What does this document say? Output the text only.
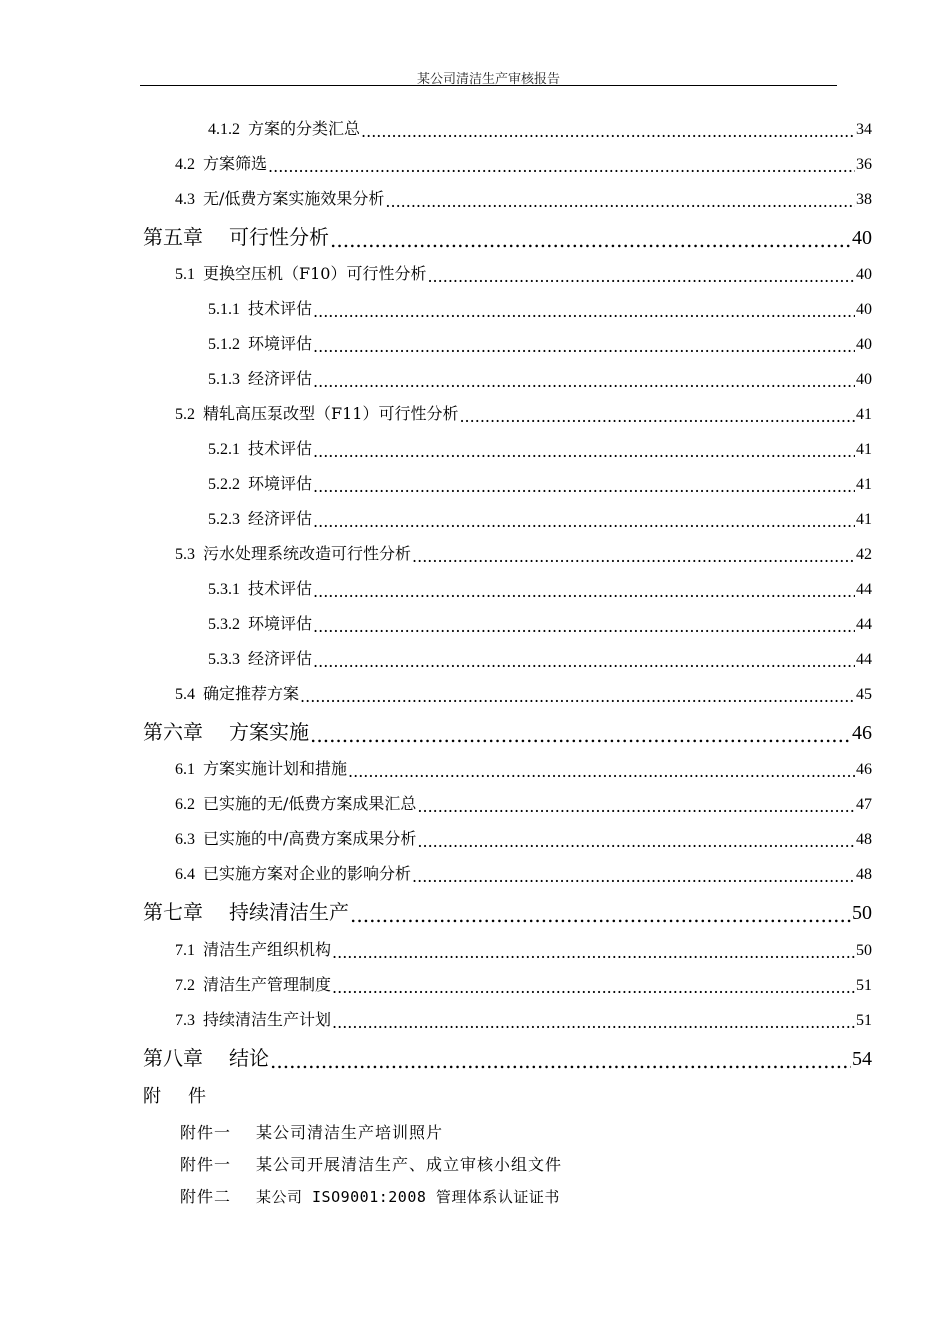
某公司清洁生产审核报告
4.1.2 方案的分类汇总 .....	34
4.2 方案筛选 .....	36
4.3 无/低费方案实施效果分析 .....	38
第五章 可行性分析 .....	40
5.1 更换空压机（F10）可行性分析 .....	40
5.1.1 技术评估 .....	40
5.1.2 环境评估 .....	40
5.1.3 经济评估 .....	40
5.2 精轧高压泵改型（F11）可行性分析 .....	41
5.2.1 技术评估 .....	41
5.2.2 环境评估 .....	41
5.2.3 经济评估 .....	41
5.3 污水处理系统改造可行性分析 .....	42
5.3.1 技术评估 .....	44
5.3.2 环境评估 .....	44
5.3.3 经济评估 .....	44
5.4 确定推荐方案 .....	45
第六章 方案实施 .....	46
6.1 方案实施计划和措施 .....	46
6.2 已实施的无/低费方案成果汇总 .....	47
6.3 已实施的中/高费方案成果分析 .....	48
6.4 已实施方案对企业的影响分析 .....	48
第七章 持续清洁生产 .....	50
7.1 清洁生产组织机构 .....	50
7.2 清洁生产管理制度 .....	51
7.3 持续清洁生产计划 .....	51
第八章 结论 .....	54
附 件
附件一 某公司清洁生产培训照片
附件一 某公司开展清洁生产、成立审核小组文件
附件二 某公司 ISO9001:2008 管理体系认证证书
